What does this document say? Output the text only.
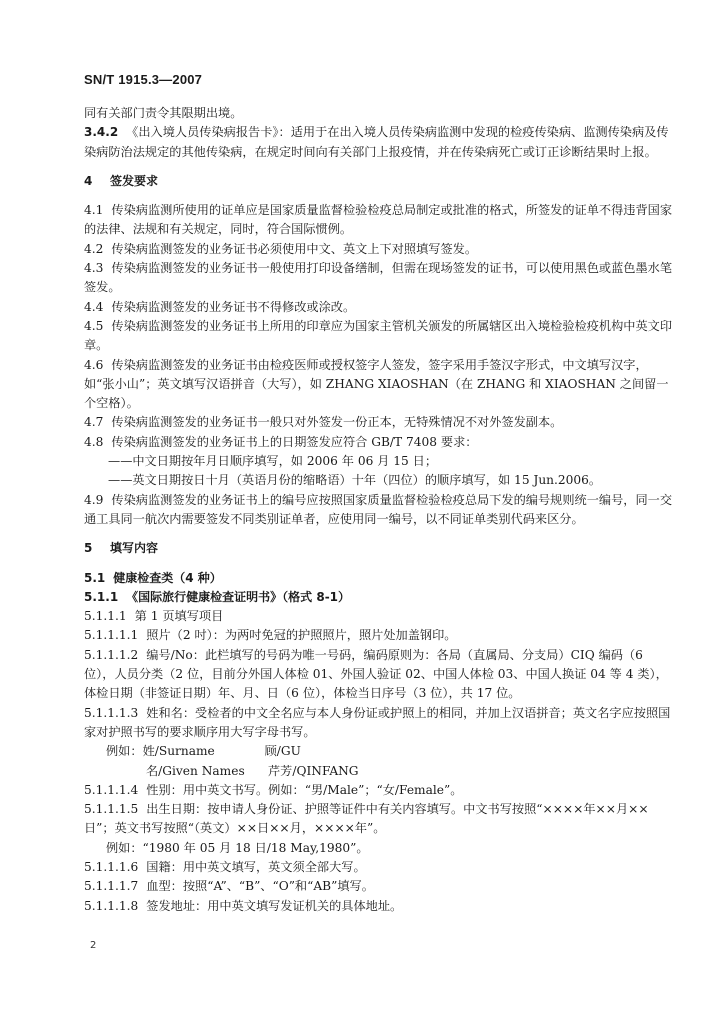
SN/T 1915.3—2007

同有关部门责令其限期出境。

3.4.2 《出入境人员传染病报告卡》：适用于在出入境人员传染病监测中发现的检疫传染病、监测传染病及传染病防治法规定的其他传染病，在规定时间向有关部门上报疫情，并在传染病死亡或订正诊断结果时上报。

4 签发要求

4.1 传染病监测所使用的证单应是国家质量监督检验检疫总局制定或批准的格式，所签发的证单不得违背国家的法律、法规和有关规定，同时，符合国际惯例。

4.2 传染病监测签发的业务证书必须使用中文、英文上下对照填写签发。

4.3 传染病监测签发的业务证书一般使用打印设备缮制，但需在现场签发的证书，可以使用黑色或蓝色墨水笔签发。

4.4 传染病监测签发的业务证书不得修改或涂改。

4.5 传染病监测签发的业务证书上所用的印章应为国家主管机关颁发的所属辖区出入境检验检疫机构中英文印章。

4.6 传染病监测签发的业务证书由检疫医师或授权签字人签发，签字采用手签汉字形式，中文填写汉字，如“张小山”；英文填写汉语拼音（大写），如 ZHANG XIAOSHAN（在 ZHANG 和 XIAOSHAN 之间留一个空格）。

4.7 传染病监测签发的业务证书一般只对外签发一份正本，无特殊情况不对外签发副本。

4.8 传染病监测签发的业务证书上的日期签发应符合 GB/T 7408 要求：

——中文日期按年月日顺序填写，如 2006 年 06 月 15 日；

——英文日期按日十月（英语月份的缩略语）十年（四位）的顺序填写，如 15 Jun.2006。

4.9 传染病监测签发的业务证书上的编号应按照国家质量监督检验检疫总局下发的编号规则统一编号，同一交通工具同一航次内需要签发不同类别证单者，应使用同一编号，以不同证单类别代码来区分。

5 填写内容

5.1 健康检查类（4 种）

5.1.1 《国际旅行健康检查证明书》（格式 8-1）

5.1.1.1 第 1 页填写项目

5.1.1.1.1 照片（2 吋）：为两吋免冠的护照照片，照片处加盖钢印。

5.1.1.1.2 编号/No：此栏填写的号码为唯一号码，编码原则为：各局（直属局、分支局）CIQ 编码（6 位），人员分类（2 位，目前分外国人体检 01、外国人验证 02、中国人体检 03、中国人换证 04 等 4 类），体检日期（非签证日期）年、月、日（6 位），体检当日序号（3 位），共 17 位。

5.1.1.1.3 姓和名：受检者的中文全名应与本人身份证或护照上的相同，并加上汉语拼音；英文名字应按照国家对护照书写的要求顺序用大写字母书写。

例如：姓/Surname	顾/GU

名/Given Names 芹芳/QINFANG

5.1.1.1.4 性别：用中英文书写。例如：“男/Male”；“女/Female”。

5.1.1.1.5 出生日期：按申请人身份证、护照等证件中有关内容填写。中文书写按照“××××年××月××日”；英文书写按照“（英文）××日××月，××××年”。

例如：“1980 年 05 月 18 日/18 May,1980”。

5.1.1.1.6 国籍：用中英文填写，英文须全部大写。

5.1.1.1.7 血型：按照“A”、“B”、“O”和“AB”填写。

5.1.1.1.8 签发地址：用中英文填写发证机关的具体地址。

2
